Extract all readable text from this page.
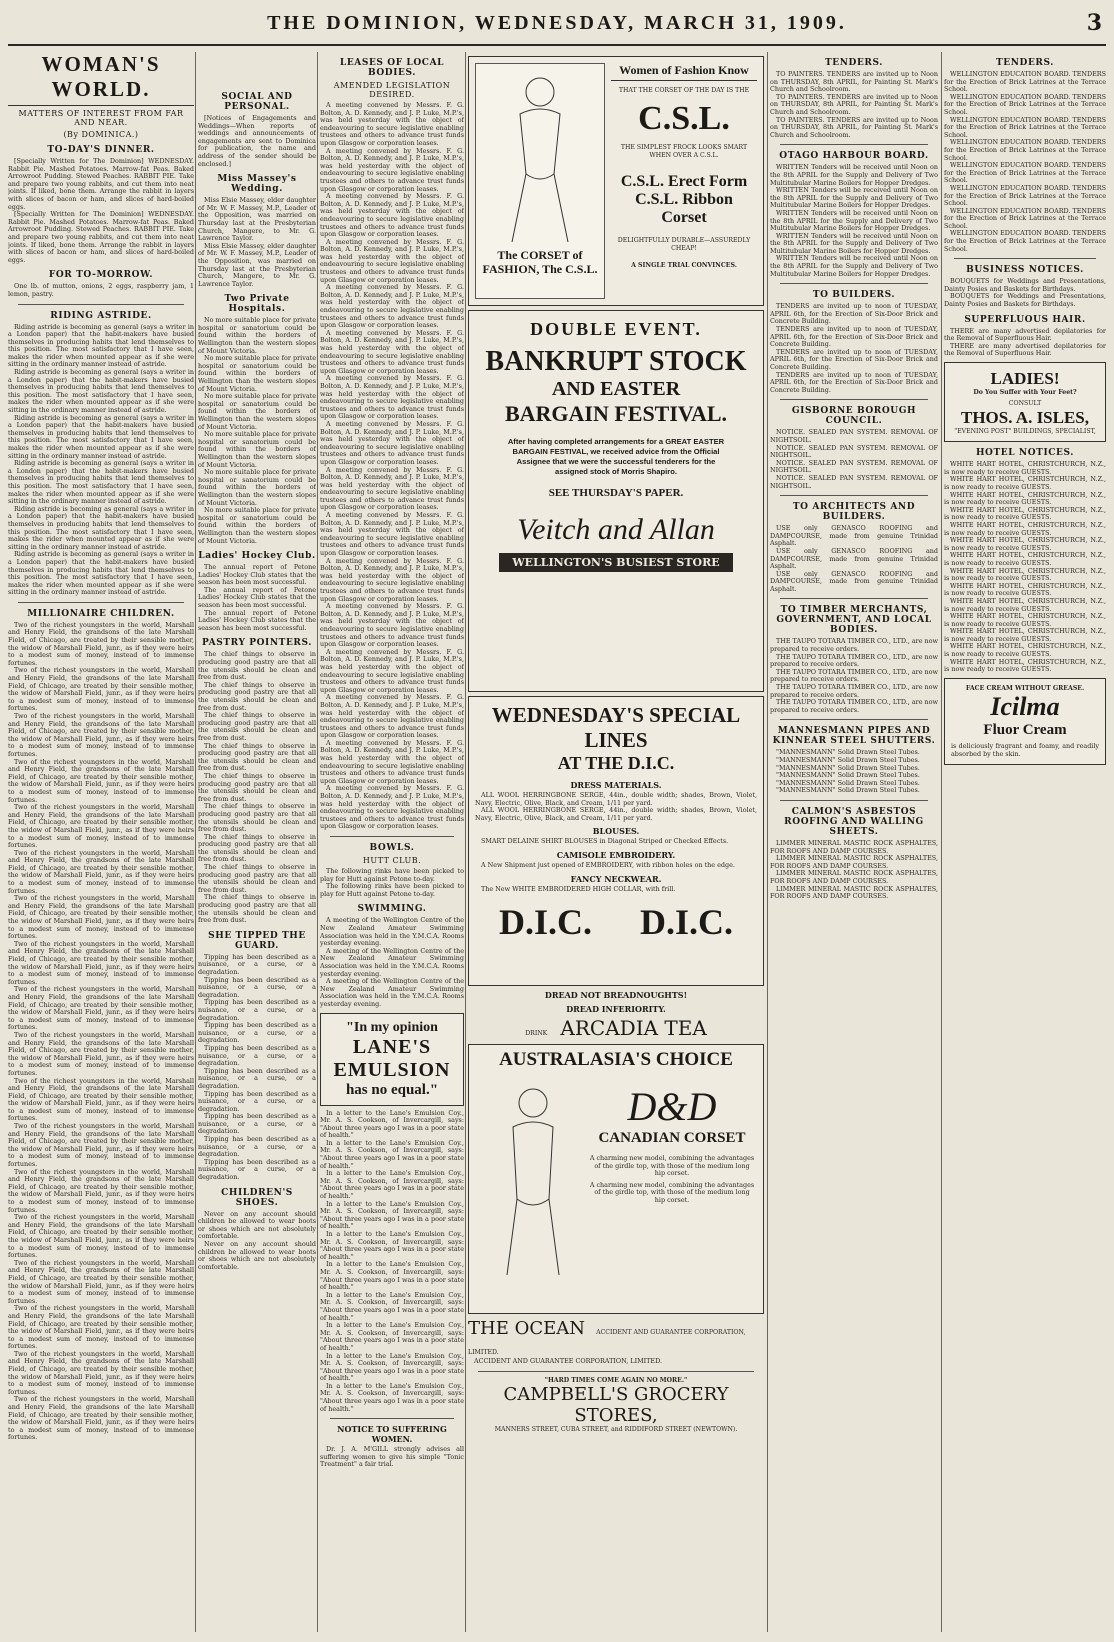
THE DOMINION, WEDNESDAY, MARCH 31, 1909.	3
WOMAN'S WORLD.
MATTERS OF INTEREST FROM FAR AND NEAR.
(By DOMINICA.)
TO-DAY'S DINNER.

[Specially Written for The Dominion] WEDNESDAY. Rabbit Pie. Mashed Potatoes. Marrow-fat Peas. Baked Arrowroot Pudding. Stewed Peaches. RABBIT PIE. Take and prepare two young rabbits, and cut them into neat joints. If liked, bone them. Arrange the rabbit in layers with slices of bacon or ham, and slices of hard-boiled eggs.

[Specially Written for The Dominion] WEDNESDAY. Rabbit Pie. Mashed Potatoes. Marrow-fat Peas. Baked Arrowroot Pudding. Stewed Peaches. RABBIT PIE. Take and prepare two young rabbits, and cut them into neat joints. If liked, bone them. Arrange the rabbit in layers with slices of bacon or ham, and slices of hard-boiled eggs.

FOR TO-MORROW.

One lb. of mutton, onions, 2 eggs, raspberry jam, 1 lemon, pastry.

RIDING ASTRIDE.

Riding astride is becoming as general (says a writer in a London paper) that the habit-makers have busied themselves in producing habits that lend themselves to this position. The most satisfactory that I have seen, makes the rider when mounted appear as if she were sitting in the ordinary manner instead of astride.

Riding astride is becoming as general (says a writer in a London paper) that the habit-makers have busied themselves in producing habits that lend themselves to this position. The most satisfactory that I have seen, makes the rider when mounted appear as if she were sitting in the ordinary manner instead of astride.

Riding astride is becoming as general (says a writer in a London paper) that the habit-makers have busied themselves in producing habits that lend themselves to this position. The most satisfactory that I have seen, makes the rider when mounted appear as if she were sitting in the ordinary manner instead of astride.

Riding astride is becoming as general (says a writer in a London paper) that the habit-makers have busied themselves in producing habits that lend themselves to this position. The most satisfactory that I have seen, makes the rider when mounted appear as if she were sitting in the ordinary manner instead of astride.

Riding astride is becoming as general (says a writer in a London paper) that the habit-makers have busied themselves in producing habits that lend themselves to this position. The most satisfactory that I have seen, makes the rider when mounted appear as if she were sitting in the ordinary manner instead of astride.

Riding astride is becoming as general (says a writer in a London paper) that the habit-makers have busied themselves in producing habits that lend themselves to this position. The most satisfactory that I have seen, makes the rider when mounted appear as if she were sitting in the ordinary manner instead of astride.

MILLIONAIRE CHILDREN.

Two of the richest youngsters in the world, Marshall and Henry Field, the grandsons of the late Marshall Field, of Chicago, are treated by their sensible mother, the widow of Marshall Field, junr., as if they were heirs to a modest sum of money, instead of to immense fortunes.

Two of the richest youngsters in the world, Marshall and Henry Field, the grandsons of the late Marshall Field, of Chicago, are treated by their sensible mother, the widow of Marshall Field, junr., as if they were heirs to a modest sum of money, instead of to immense fortunes.

Two of the richest youngsters in the world, Marshall and Henry Field, the grandsons of the late Marshall Field, of Chicago, are treated by their sensible mother, the widow of Marshall Field, junr., as if they were heirs to a modest sum of money, instead of to immense fortunes.

Two of the richest youngsters in the world, Marshall and Henry Field, the grandsons of the late Marshall Field, of Chicago, are treated by their sensible mother, the widow of Marshall Field, junr., as if they were heirs to a modest sum of money, instead of to immense fortunes.

Two of the richest youngsters in the world, Marshall and Henry Field, the grandsons of the late Marshall Field, of Chicago, are treated by their sensible mother, the widow of Marshall Field, junr., as if they were heirs to a modest sum of money, instead of to immense fortunes.

Two of the richest youngsters in the world, Marshall and Henry Field, the grandsons of the late Marshall Field, of Chicago, are treated by their sensible mother, the widow of Marshall Field, junr., as if they were heirs to a modest sum of money, instead of to immense fortunes.

Two of the richest youngsters in the world, Marshall and Henry Field, the grandsons of the late Marshall Field, of Chicago, are treated by their sensible mother, the widow of Marshall Field, junr., as if they were heirs to a modest sum of money, instead of to immense fortunes.

Two of the richest youngsters in the world, Marshall and Henry Field, the grandsons of the late Marshall Field, of Chicago, are treated by their sensible mother, the widow of Marshall Field, junr., as if they were heirs to a modest sum of money, instead of to immense fortunes.

Two of the richest youngsters in the world, Marshall and Henry Field, the grandsons of the late Marshall Field, of Chicago, are treated by their sensible mother, the widow of Marshall Field, junr., as if they were heirs to a modest sum of money, instead of to immense fortunes.

Two of the richest youngsters in the world, Marshall and Henry Field, the grandsons of the late Marshall Field, of Chicago, are treated by their sensible mother, the widow of Marshall Field, junr., as if they were heirs to a modest sum of money, instead of to immense fortunes.

Two of the richest youngsters in the world, Marshall and Henry Field, the grandsons of the late Marshall Field, of Chicago, are treated by their sensible mother, the widow of Marshall Field, junr., as if they were heirs to a modest sum of money, instead of to immense fortunes.

Two of the richest youngsters in the world, Marshall and Henry Field, the grandsons of the late Marshall Field, of Chicago, are treated by their sensible mother, the widow of Marshall Field, junr., as if they were heirs to a modest sum of money, instead of to immense fortunes.

Two of the richest youngsters in the world, Marshall and Henry Field, the grandsons of the late Marshall Field, of Chicago, are treated by their sensible mother, the widow of Marshall Field, junr., as if they were heirs to a modest sum of money, instead of to immense fortunes.

Two of the richest youngsters in the world, Marshall and Henry Field, the grandsons of the late Marshall Field, of Chicago, are treated by their sensible mother, the widow of Marshall Field, junr., as if they were heirs to a modest sum of money, instead of to immense fortunes.

Two of the richest youngsters in the world, Marshall and Henry Field, the grandsons of the late Marshall Field, of Chicago, are treated by their sensible mother, the widow of Marshall Field, junr., as if they were heirs to a modest sum of money, instead of to immense fortunes.

Two of the richest youngsters in the world, Marshall and Henry Field, the grandsons of the late Marshall Field, of Chicago, are treated by their sensible mother, the widow of Marshall Field, junr., as if they were heirs to a modest sum of money, instead of to immense fortunes.

Two of the richest youngsters in the world, Marshall and Henry Field, the grandsons of the late Marshall Field, of Chicago, are treated by their sensible mother, the widow of Marshall Field, junr., as if they were heirs to a modest sum of money, instead of to immense fortunes.

Two of the richest youngsters in the world, Marshall and Henry Field, the grandsons of the late Marshall Field, of Chicago, are treated by their sensible mother, the widow of Marshall Field, junr., as if they were heirs to a modest sum of money, instead of to immense fortunes.

SOCIAL AND PERSONAL.

[Notices of Engagements and Weddings—When reports of weddings and announcements of engagements are sent to Dominica for publication, the name and address of the sender should be enclosed.]

Miss Massey's Wedding.

Miss Elsie Massey, elder daughter of Mr. W. F. Massey, M.P., Leader of the Opposition, was married on Thursday last at the Presbyterian Church, Mangere, to Mr. G. Lawrence Taylor.

Miss Elsie Massey, elder daughter of Mr. W. F. Massey, M.P., Leader of the Opposition, was married on Thursday last at the Presbyterian Church, Mangere, to Mr. G. Lawrence Taylor.

Two Private Hospitals.

No more suitable place for private hospital or sanatorium could be found within the borders of Wellington than the western slopes of Mount Victoria.

No more suitable place for private hospital or sanatorium could be found within the borders of Wellington than the western slopes of Mount Victoria.

No more suitable place for private hospital or sanatorium could be found within the borders of Wellington than the western slopes of Mount Victoria.

No more suitable place for private hospital or sanatorium could be found within the borders of Wellington than the western slopes of Mount Victoria.

No more suitable place for private hospital or sanatorium could be found within the borders of Wellington than the western slopes of Mount Victoria.

No more suitable place for private hospital or sanatorium could be found within the borders of Wellington than the western slopes of Mount Victoria.

Ladies' Hockey Club.

The annual report of Petone Ladies' Hockey Club states that the season has been most successful.

The annual report of Petone Ladies' Hockey Club states that the season has been most successful.

The annual report of Petone Ladies' Hockey Club states that the season has been most successful.

PASTRY POINTERS.

The chief things to observe in producing good pastry are that all the utensils should be clean and free from dust.

The chief things to observe in producing good pastry are that all the utensils should be clean and free from dust.

The chief things to observe in producing good pastry are that all the utensils should be clean and free from dust.

The chief things to observe in producing good pastry are that all the utensils should be clean and free from dust.

The chief things to observe in producing good pastry are that all the utensils should be clean and free from dust.

The chief things to observe in producing good pastry are that all the utensils should be clean and free from dust.

The chief things to observe in producing good pastry are that all the utensils should be clean and free from dust.

The chief things to observe in producing good pastry are that all the utensils should be clean and free from dust.

The chief things to observe in producing good pastry are that all the utensils should be clean and free from dust.

SHE TIPPED THE GUARD.

Tipping has been described as a nuisance, or a curse, or a degradation.

Tipping has been described as a nuisance, or a curse, or a degradation.

Tipping has been described as a nuisance, or a curse, or a degradation.

Tipping has been described as a nuisance, or a curse, or a degradation.

Tipping has been described as a nuisance, or a curse, or a degradation.

Tipping has been described as a nuisance, or a curse, or a degradation.

Tipping has been described as a nuisance, or a curse, or a degradation.

Tipping has been described as a nuisance, or a curse, or a degradation.

Tipping has been described as a nuisance, or a curse, or a degradation.

Tipping has been described as a nuisance, or a curse, or a degradation.

CHILDREN'S SHOES.

Never on any account should children be allowed to wear boots or shoes which are not absolutely comfortable.

Never on any account should children be allowed to wear boots or shoes which are not absolutely comfortable.

LEASES OF LOCAL BODIES.
AMENDED LEGISLATION DESIRED.

A meeting convened by Messrs. F. G. Bolton, A. D. Kennedy, and J. P. Luke, M.P.'s, was held yesterday with the object of endeavouring to secure legislative enabling trustees and others to advance trust funds upon Glasgow or corporation leases.

A meeting convened by Messrs. F. G. Bolton, A. D. Kennedy, and J. P. Luke, M.P.'s, was held yesterday with the object of endeavouring to secure legislative enabling trustees and others to advance trust funds upon Glasgow or corporation leases.

A meeting convened by Messrs. F. G. Bolton, A. D. Kennedy, and J. P. Luke, M.P.'s, was held yesterday with the object of endeavouring to secure legislative enabling trustees and others to advance trust funds upon Glasgow or corporation leases.

A meeting convened by Messrs. F. G. Bolton, A. D. Kennedy, and J. P. Luke, M.P.'s, was held yesterday with the object of endeavouring to secure legislative enabling trustees and others to advance trust funds upon Glasgow or corporation leases.

A meeting convened by Messrs. F. G. Bolton, A. D. Kennedy, and J. P. Luke, M.P.'s, was held yesterday with the object of endeavouring to secure legislative enabling trustees and others to advance trust funds upon Glasgow or corporation leases.

A meeting convened by Messrs. F. G. Bolton, A. D. Kennedy, and J. P. Luke, M.P.'s, was held yesterday with the object of endeavouring to secure legislative enabling trustees and others to advance trust funds upon Glasgow or corporation leases.

A meeting convened by Messrs. F. G. Bolton, A. D. Kennedy, and J. P. Luke, M.P.'s, was held yesterday with the object of endeavouring to secure legislative enabling trustees and others to advance trust funds upon Glasgow or corporation leases.

A meeting convened by Messrs. F. G. Bolton, A. D. Kennedy, and J. P. Luke, M.P.'s, was held yesterday with the object of endeavouring to secure legislative enabling trustees and others to advance trust funds upon Glasgow or corporation leases.

A meeting convened by Messrs. F. G. Bolton, A. D. Kennedy, and J. P. Luke, M.P.'s, was held yesterday with the object of endeavouring to secure legislative enabling trustees and others to advance trust funds upon Glasgow or corporation leases.

A meeting convened by Messrs. F. G. Bolton, A. D. Kennedy, and J. P. Luke, M.P.'s, was held yesterday with the object of endeavouring to secure legislative enabling trustees and others to advance trust funds upon Glasgow or corporation leases.

A meeting convened by Messrs. F. G. Bolton, A. D. Kennedy, and J. P. Luke, M.P.'s, was held yesterday with the object of endeavouring to secure legislative enabling trustees and others to advance trust funds upon Glasgow or corporation leases.

A meeting convened by Messrs. F. G. Bolton, A. D. Kennedy, and J. P. Luke, M.P.'s, was held yesterday with the object of endeavouring to secure legislative enabling trustees and others to advance trust funds upon Glasgow or corporation leases.

A meeting convened by Messrs. F. G. Bolton, A. D. Kennedy, and J. P. Luke, M.P.'s, was held yesterday with the object of endeavouring to secure legislative enabling trustees and others to advance trust funds upon Glasgow or corporation leases.

A meeting convened by Messrs. F. G. Bolton, A. D. Kennedy, and J. P. Luke, M.P.'s, was held yesterday with the object of endeavouring to secure legislative enabling trustees and others to advance trust funds upon Glasgow or corporation leases.

A meeting convened by Messrs. F. G. Bolton, A. D. Kennedy, and J. P. Luke, M.P.'s, was held yesterday with the object of endeavouring to secure legislative enabling trustees and others to advance trust funds upon Glasgow or corporation leases.

A meeting convened by Messrs. F. G. Bolton, A. D. Kennedy, and J. P. Luke, M.P.'s, was held yesterday with the object of endeavouring to secure legislative enabling trustees and others to advance trust funds upon Glasgow or corporation leases.

BOWLS.
HUTT CLUB.

The following rinks have been picked to play for Hutt against Petone to-day.

The following rinks have been picked to play for Hutt against Petone to-day.

SWIMMING.

A meeting of the Wellington Centre of the New Zealand Amateur Swimming Association was held in the Y.M.C.A. Rooms yesterday evening.

A meeting of the Wellington Centre of the New Zealand Amateur Swimming Association was held in the Y.M.C.A. Rooms yesterday evening.

A meeting of the Wellington Centre of the New Zealand Amateur Swimming Association was held in the Y.M.C.A. Rooms yesterday evening.

"In my opinion
LANE'S
EMULSION
has no equal."

In a letter to the Lane's Emulsion Coy., Mr. A. S. Cookson, of Invercargill, says: "About three years ago I was in a poor state of health."

In a letter to the Lane's Emulsion Coy., Mr. A. S. Cookson, of Invercargill, says: "About three years ago I was in a poor state of health."

In a letter to the Lane's Emulsion Coy., Mr. A. S. Cookson, of Invercargill, says: "About three years ago I was in a poor state of health."

In a letter to the Lane's Emulsion Coy., Mr. A. S. Cookson, of Invercargill, says: "About three years ago I was in a poor state of health."

In a letter to the Lane's Emulsion Coy., Mr. A. S. Cookson, of Invercargill, says: "About three years ago I was in a poor state of health."

In a letter to the Lane's Emulsion Coy., Mr. A. S. Cookson, of Invercargill, says: "About three years ago I was in a poor state of health."

In a letter to the Lane's Emulsion Coy., Mr. A. S. Cookson, of Invercargill, says: "About three years ago I was in a poor state of health."

In a letter to the Lane's Emulsion Coy., Mr. A. S. Cookson, of Invercargill, says: "About three years ago I was in a poor state of health."

In a letter to the Lane's Emulsion Coy., Mr. A. S. Cookson, of Invercargill, says: "About three years ago I was in a poor state of health."

In a letter to the Lane's Emulsion Coy., Mr. A. S. Cookson, of Invercargill, says: "About three years ago I was in a poor state of health."

NOTICE TO SUFFERING WOMEN.

Dr. J. A. M'GILL strongly advises all suffering women to give his simple "Tonic Treatment" a fair trial.

The CORSET of FASHION, The C.S.L.
Women of Fashion Know
THAT THE CORSET OF THE DAY IS THE
C.S.L.
THE SIMPLEST FROCK LOOKS SMART WHEN OVER A C.S.L.
C.S.L. Erect Form
C.S.L. Ribbon Corset
DELIGHTFULLY DURABLE—ASSUREDLY CHEAP!
A SINGLE TRIAL CONVINCES.
DOUBLE EVENT.
BANKRUPT STOCK
AND EASTER
BARGAIN FESTIVAL.
After having completed arrangements for a GREAT EASTER BARGAIN FESTIVAL, we received advice from the Official Assignee that we were the successful tenderers for the assigned stock of Morris Shapiro.
SEE THURSDAY'S PAPER.
Veitch and Allan
WELLINGTON'S BUSIEST STORE
WEDNESDAY'S SPECIAL LINES
AT THE D.I.C.
DRESS MATERIALS.

ALL WOOL HERRINGBONE SERGE, 44in., double width; shades, Brown, Violet, Navy, Electric, Olive, Black, and Cream, 1/11 per yard.

ALL WOOL HERRINGBONE SERGE, 44in., double width; shades, Brown, Violet, Navy, Electric, Olive, Black, and Cream, 1/11 per yard.

BLOUSES.

SMART DELAINE SHIRT BLOUSES in Diagonal Striped or Checked Effects.

CAMISOLE EMBROIDERY.

A New Shipment just opened of EMBROIDERY, with ribbon holes on the edge.

FANCY NECKWEAR.

The New WHITE EMBROIDERED HIGH COLLAR, with frill.

D.I.C. D.I.C.
DREAD NOT BREADNOUGHTS!
DREAD INFERIORITY.
DRINK ARCADIA TEA
AUSTRALASIA'S CHOICE
D&D
CANADIAN CORSET

A charming new model, combining the advantages of the girdle top, with those of the medium long hip corset.

A charming new model, combining the advantages of the girdle top, with those of the medium long hip corset.

THE OCEAN ACCIDENT AND GUARANTEE CORPORATION, LIMITED.

ACCIDENT AND GUARANTEE CORPORATION, LIMITED.

"HARD TIMES COME AGAIN NO MORE."
CAMPBELL'S GROCERY STORES,
MANNERS STREET, CUBA STREET, and RIDDIFORD STREET (NEWTOWN).
TENDERS.

TO PAINTERS. TENDERS are invited up to Noon on THURSDAY, 8th APRIL, for Painting St. Mark's Church and Schoolroom.

TO PAINTERS. TENDERS are invited up to Noon on THURSDAY, 8th APRIL, for Painting St. Mark's Church and Schoolroom.

TO PAINTERS. TENDERS are invited up to Noon on THURSDAY, 8th APRIL, for Painting St. Mark's Church and Schoolroom.

OTAGO HARBOUR BOARD.

WRITTEN Tenders will be received until Noon on the 8th APRIL for the Supply and Delivery of Two Multitubular Marine Boilers for Hopper Dredges.

WRITTEN Tenders will be received until Noon on the 8th APRIL for the Supply and Delivery of Two Multitubular Marine Boilers for Hopper Dredges.

WRITTEN Tenders will be received until Noon on the 8th APRIL for the Supply and Delivery of Two Multitubular Marine Boilers for Hopper Dredges.

WRITTEN Tenders will be received until Noon on the 8th APRIL for the Supply and Delivery of Two Multitubular Marine Boilers for Hopper Dredges.

WRITTEN Tenders will be received until Noon on the 8th APRIL for the Supply and Delivery of Two Multitubular Marine Boilers for Hopper Dredges.

TO BUILDERS.

TENDERS are invited up to noon of TUESDAY, APRIL 6th, for the Erection of Six-Door Brick and Concrete Building.

TENDERS are invited up to noon of TUESDAY, APRIL 6th, for the Erection of Six-Door Brick and Concrete Building.

TENDERS are invited up to noon of TUESDAY, APRIL 6th, for the Erection of Six-Door Brick and Concrete Building.

TENDERS are invited up to noon of TUESDAY, APRIL 6th, for the Erection of Six-Door Brick and Concrete Building.

GISBORNE BOROUGH COUNCIL.

NOTICE. SEALED PAN SYSTEM. REMOVAL OF NIGHTSOIL.

NOTICE. SEALED PAN SYSTEM. REMOVAL OF NIGHTSOIL.

NOTICE. SEALED PAN SYSTEM. REMOVAL OF NIGHTSOIL.

NOTICE. SEALED PAN SYSTEM. REMOVAL OF NIGHTSOIL.

TO ARCHITECTS AND BUILDERS.

USE only GENASCO ROOFING and DAMPCOURSE, made from genuine Trinidad Asphalt.

USE only GENASCO ROOFING and DAMPCOURSE, made from genuine Trinidad Asphalt.

USE only GENASCO ROOFING and DAMPCOURSE, made from genuine Trinidad Asphalt.

TO TIMBER MERCHANTS, GOVERNMENT, AND LOCAL BODIES.

THE TAUPO TOTARA TIMBER CO., LTD., are now prepared to receive orders.

THE TAUPO TOTARA TIMBER CO., LTD., are now prepared to receive orders.

THE TAUPO TOTARA TIMBER CO., LTD., are now prepared to receive orders.

THE TAUPO TOTARA TIMBER CO., LTD., are now prepared to receive orders.

THE TAUPO TOTARA TIMBER CO., LTD., are now prepared to receive orders.

MANNESMANN PIPES AND KINNEAR STEEL SHUTTERS.

"MANNESMANN" Solid Drawn Steel Tubes.

"MANNESMANN" Solid Drawn Steel Tubes.

"MANNESMANN" Solid Drawn Steel Tubes.

"MANNESMANN" Solid Drawn Steel Tubes.

"MANNESMANN" Solid Drawn Steel Tubes.

"MANNESMANN" Solid Drawn Steel Tubes.

CALMON'S ASBESTOS ROOFING AND WALLING SHEETS.

LIMMER MINERAL MASTIC ROCK ASPHALTES, FOR ROOFS AND DAMP COURSES.

LIMMER MINERAL MASTIC ROCK ASPHALTES, FOR ROOFS AND DAMP COURSES.

LIMMER MINERAL MASTIC ROCK ASPHALTES, FOR ROOFS AND DAMP COURSES.

LIMMER MINERAL MASTIC ROCK ASPHALTES, FOR ROOFS AND DAMP COURSES.

TENDERS.

WELLINGTON EDUCATION BOARD. TENDERS for the Erection of Brick Latrines at the Terrace School.

WELLINGTON EDUCATION BOARD. TENDERS for the Erection of Brick Latrines at the Terrace School.

WELLINGTON EDUCATION BOARD. TENDERS for the Erection of Brick Latrines at the Terrace School.

WELLINGTON EDUCATION BOARD. TENDERS for the Erection of Brick Latrines at the Terrace School.

WELLINGTON EDUCATION BOARD. TENDERS for the Erection of Brick Latrines at the Terrace School.

WELLINGTON EDUCATION BOARD. TENDERS for the Erection of Brick Latrines at the Terrace School.

WELLINGTON EDUCATION BOARD. TENDERS for the Erection of Brick Latrines at the Terrace School.

WELLINGTON EDUCATION BOARD. TENDERS for the Erection of Brick Latrines at the Terrace School.

BUSINESS NOTICES.

BOUQUETS for Weddings and Presentations, Dainty Posies and Baskets for Birthdays.

BOUQUETS for Weddings and Presentations, Dainty Posies and Baskets for Birthdays.

SUPERFLUOUS HAIR.

THERE are many advertised depilatories for the Removal of Superfluous Hair.

THERE are many advertised depilatories for the Removal of Superfluous Hair.

LADIES!
Do You Suffer with Your Feet?
CONSULT
THOS. A. ISLES,
"EVENING POST" BUILDINGS, SPECIALIST,
HOTEL NOTICES.

WHITE HART HOTEL, CHRISTCHURCH, N.Z., is now ready to receive GUESTS.

WHITE HART HOTEL, CHRISTCHURCH, N.Z., is now ready to receive GUESTS.

WHITE HART HOTEL, CHRISTCHURCH, N.Z., is now ready to receive GUESTS.

WHITE HART HOTEL, CHRISTCHURCH, N.Z., is now ready to receive GUESTS.

WHITE HART HOTEL, CHRISTCHURCH, N.Z., is now ready to receive GUESTS.

WHITE HART HOTEL, CHRISTCHURCH, N.Z., is now ready to receive GUESTS.

WHITE HART HOTEL, CHRISTCHURCH, N.Z., is now ready to receive GUESTS.

WHITE HART HOTEL, CHRISTCHURCH, N.Z., is now ready to receive GUESTS.

WHITE HART HOTEL, CHRISTCHURCH, N.Z., is now ready to receive GUESTS.

WHITE HART HOTEL, CHRISTCHURCH, N.Z., is now ready to receive GUESTS.

WHITE HART HOTEL, CHRISTCHURCH, N.Z., is now ready to receive GUESTS.

WHITE HART HOTEL, CHRISTCHURCH, N.Z., is now ready to receive GUESTS.

WHITE HART HOTEL, CHRISTCHURCH, N.Z., is now ready to receive GUESTS.

WHITE HART HOTEL, CHRISTCHURCH, N.Z., is now ready to receive GUESTS.

FACE CREAM WITHOUT GREASE.
Icilma
Fluor Cream

is deliciously fragrant and foamy, and readily absorbed by the skin.
